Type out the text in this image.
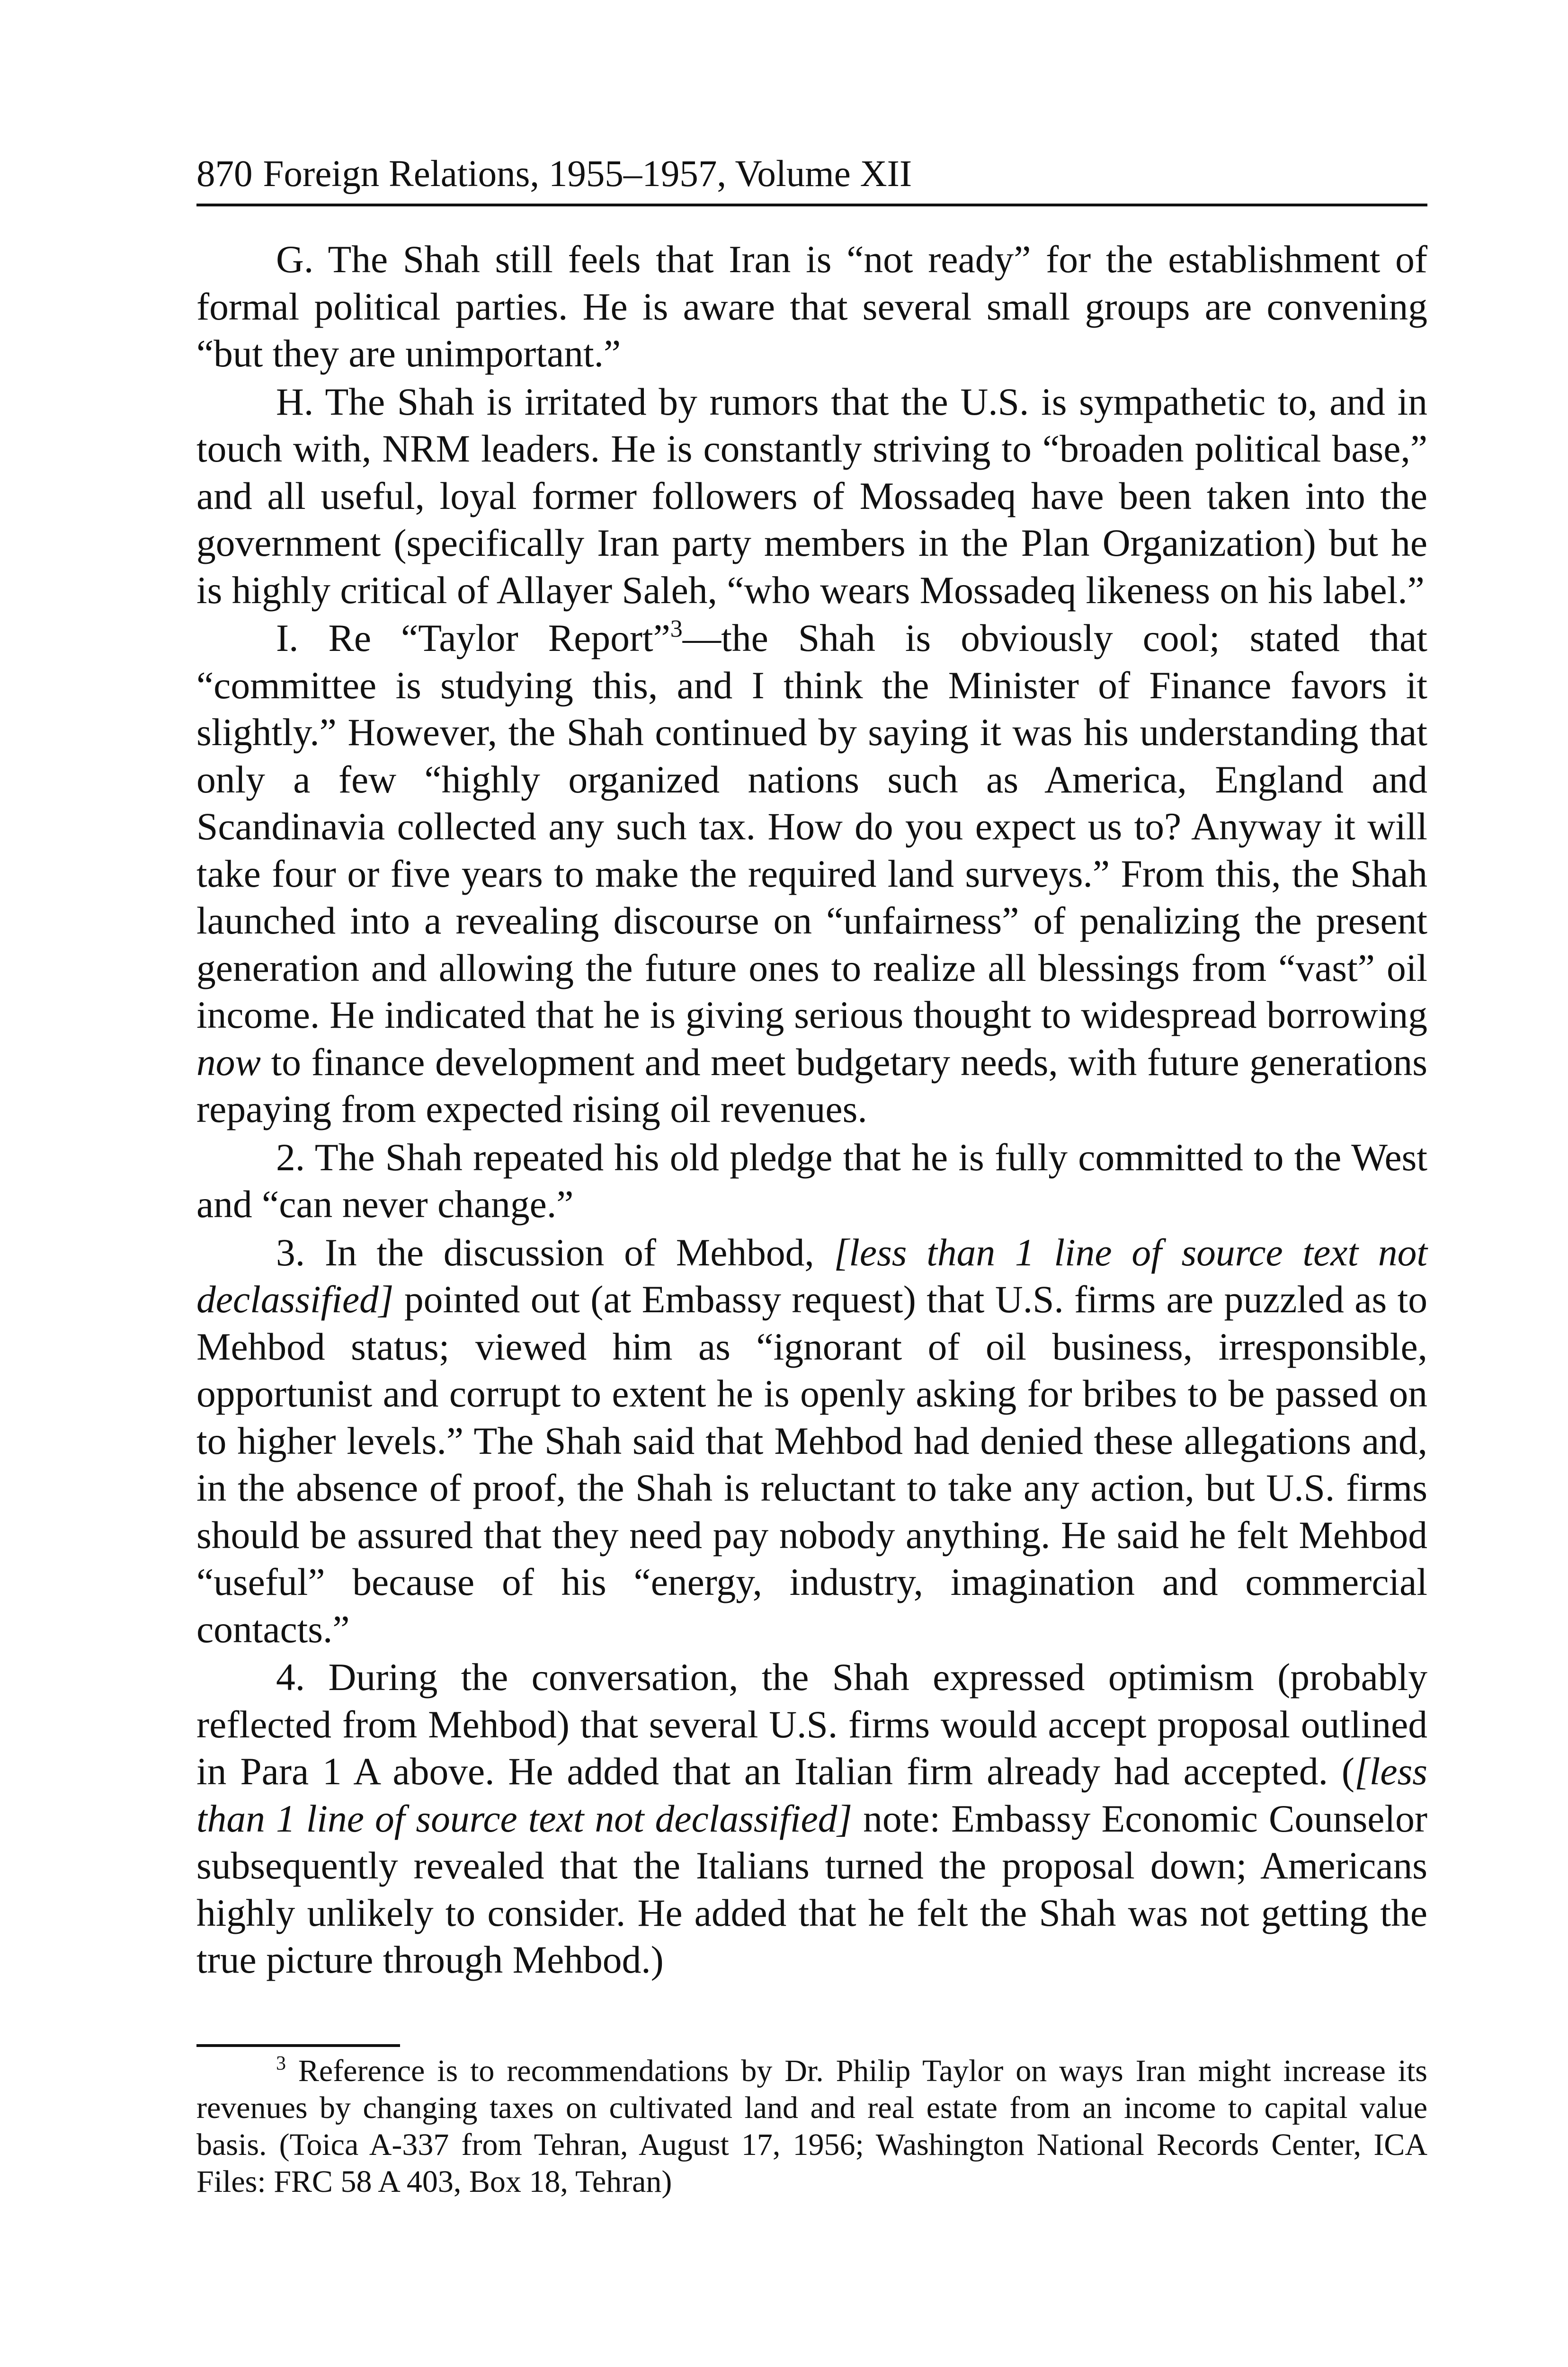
870 Foreign Relations, 1955–1957, Volume XII

G. The Shah still feels that Iran is “not ready” for the establishment of formal political parties. He is aware that several small groups are convening “but they are unimportant.”

H. The Shah is irritated by rumors that the U.S. is sympathetic to, and in touch with, NRM leaders. He is constantly striving to “broaden political base,” and all useful, loyal former followers of Mossadeq have been taken into the government (specifically Iran party members in the Plan Organization) but he is highly critical of Allayer Saleh, “who wears Mossadeq likeness on his label.”

I. Re “Taylor Report”$^3$—the Shah is obviously cool; stated that “committee is studying this, and I think the Minister of Finance favors it slightly.” However, the Shah continued by saying it was his understanding that only a few “highly organized nations such as America, England and Scandinavia collected any such tax. How do you expect us to? Anyway it will take four or five years to make the required land surveys.” From this, the Shah launched into a revealing discourse on “unfairness” of penalizing the present generation and allowing the future ones to realize all blessings from “vast” oil income. He indicated that he is giving serious thought to widespread borrowing now to finance development and meet budgetary needs, with future generations repaying from expected rising oil revenues.

2. The Shah repeated his old pledge that he is fully committed to the West and “can never change.”

3. In the discussion of Mehbod, [less than 1 line of source text not declassified] pointed out (at Embassy request) that U.S. firms are puzzled as to Mehbod status; viewed him as “ignorant of oil business, irresponsible, opportunist and corrupt to extent he is openly asking for bribes to be passed on to higher levels.” The Shah said that Mehbod had denied these allegations and, in the absence of proof, the Shah is reluctant to take any action, but U.S. firms should be assured that they need pay nobody anything. He said he felt Mehbod “useful” because of his “energy, industry, imagination and commercial contacts.”

4. During the conversation, the Shah expressed optimism (probably reflected from Mehbod) that several U.S. firms would accept proposal outlined in Para 1 A above. He added that an Italian firm already had accepted. ([less than 1 line of source text not declassified] note: Embassy Economic Counselor subsequently revealed that the Italians turned the proposal down; Americans highly unlikely to consider. He added that he felt the Shah was not getting the true picture through Mehbod.)

$^3$ Reference is to recommendations by Dr. Philip Taylor on ways Iran might increase its revenues by changing taxes on cultivated land and real estate from an income to capital value basis. (Toica A-337 from Tehran, August 17, 1956; Washington National Records Center, ICA Files: FRC 58 A 403, Box 18, Tehran)
